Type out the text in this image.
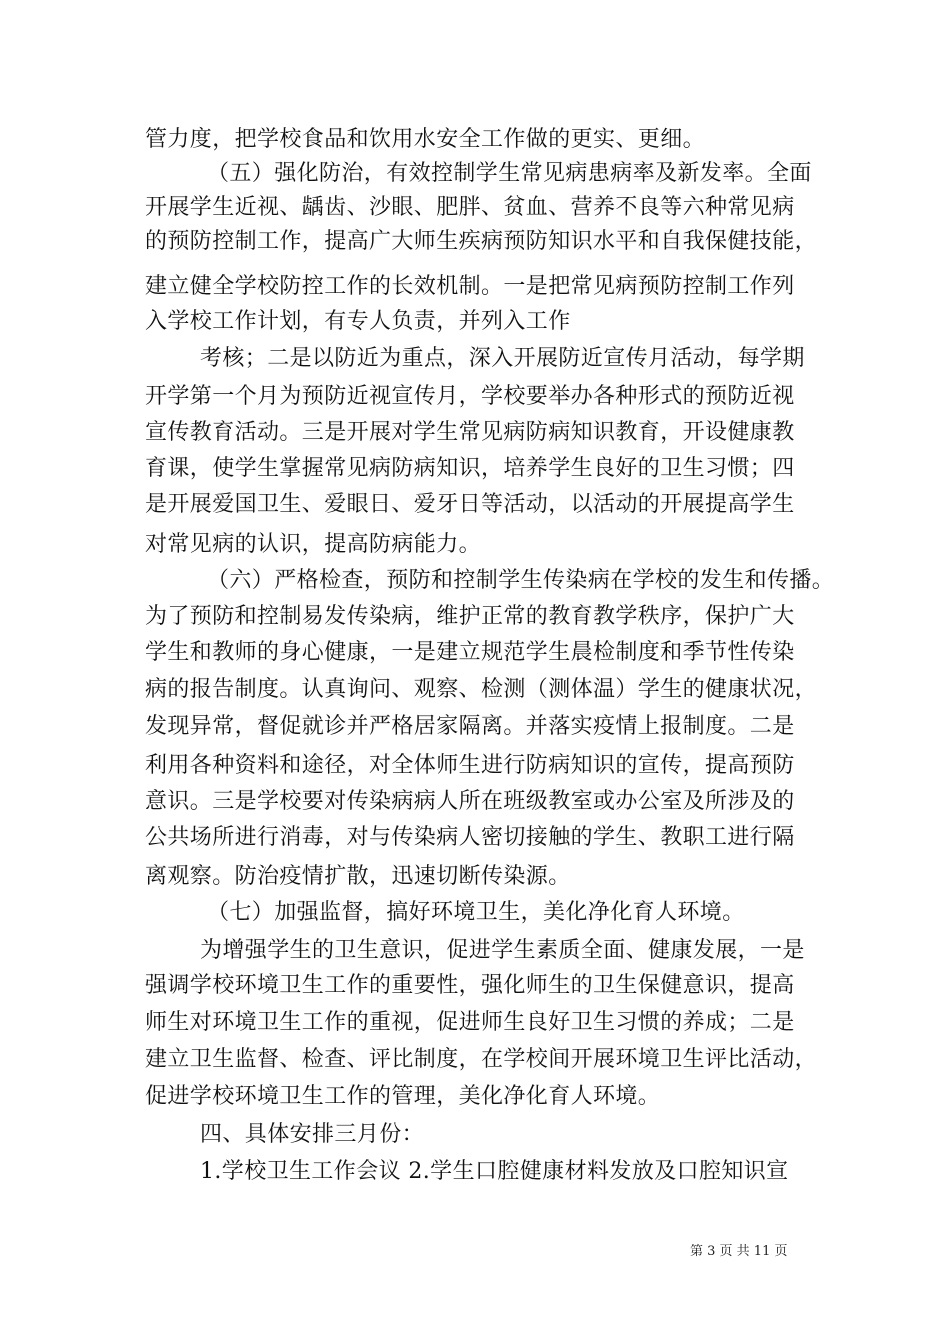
管力度，把学校食品和饮用水安全工作做的更实、更细。
（五）强化防治，有效控制学生常见病患病率及新发率。全面
开展学生近视、龋齿、沙眼、肥胖、贫血、营养不良等六种常见病
的预防控制工作，提高广大师生疾病预防知识水平和自我保健技能，
建立健全学校防控工作的长效机制。一是把常见病预防控制工作列
入学校工作计划，有专人负责，并列入工作
考核；二是以防近为重点，深入开展防近宣传月活动，每学期
开学第一个月为预防近视宣传月，学校要举办各种形式的预防近视
宣传教育活动。三是开展对学生常见病防病知识教育，开设健康教
育课，使学生掌握常见病防病知识，培养学生良好的卫生习惯；四
是开展爱国卫生、爱眼日、爱牙日等活动，以活动的开展提高学生
对常见病的认识，提高防病能力。
（六）严格检查，预防和控制学生传染病在学校的发生和传播。
为了预防和控制易发传染病，维护正常的教育教学秩序，保护广大
学生和教师的身心健康，一是建立规范学生晨检制度和季节性传染
病的报告制度。认真询问、观察、检测（测体温）学生的健康状况，
发现异常，督促就诊并严格居家隔离。并落实疫情上报制度。二是
利用各种资料和途径，对全体师生进行防病知识的宣传，提高预防
意识。三是学校要对传染病病人所在班级教室或办公室及所涉及的
公共场所进行消毒，对与传染病人密切接触的学生、教职工进行隔
离观察。防治疫情扩散，迅速切断传染源。
（七）加强监督，搞好环境卫生，美化净化育人环境。
为增强学生的卫生意识，促进学生素质全面、健康发展，一是
强调学校环境卫生工作的重要性，强化师生的卫生保健意识，提高
师生对环境卫生工作的重视，促进师生良好卫生习惯的养成；二是
建立卫生监督、检查、评比制度，在学校间开展环境卫生评比活动，
促进学校环境卫生工作的管理，美化净化育人环境。
四、具体安排三月份：
1.学校卫生工作会议 2.学生口腔健康材料发放及口腔知识宣
第 3 页 共 11 页
